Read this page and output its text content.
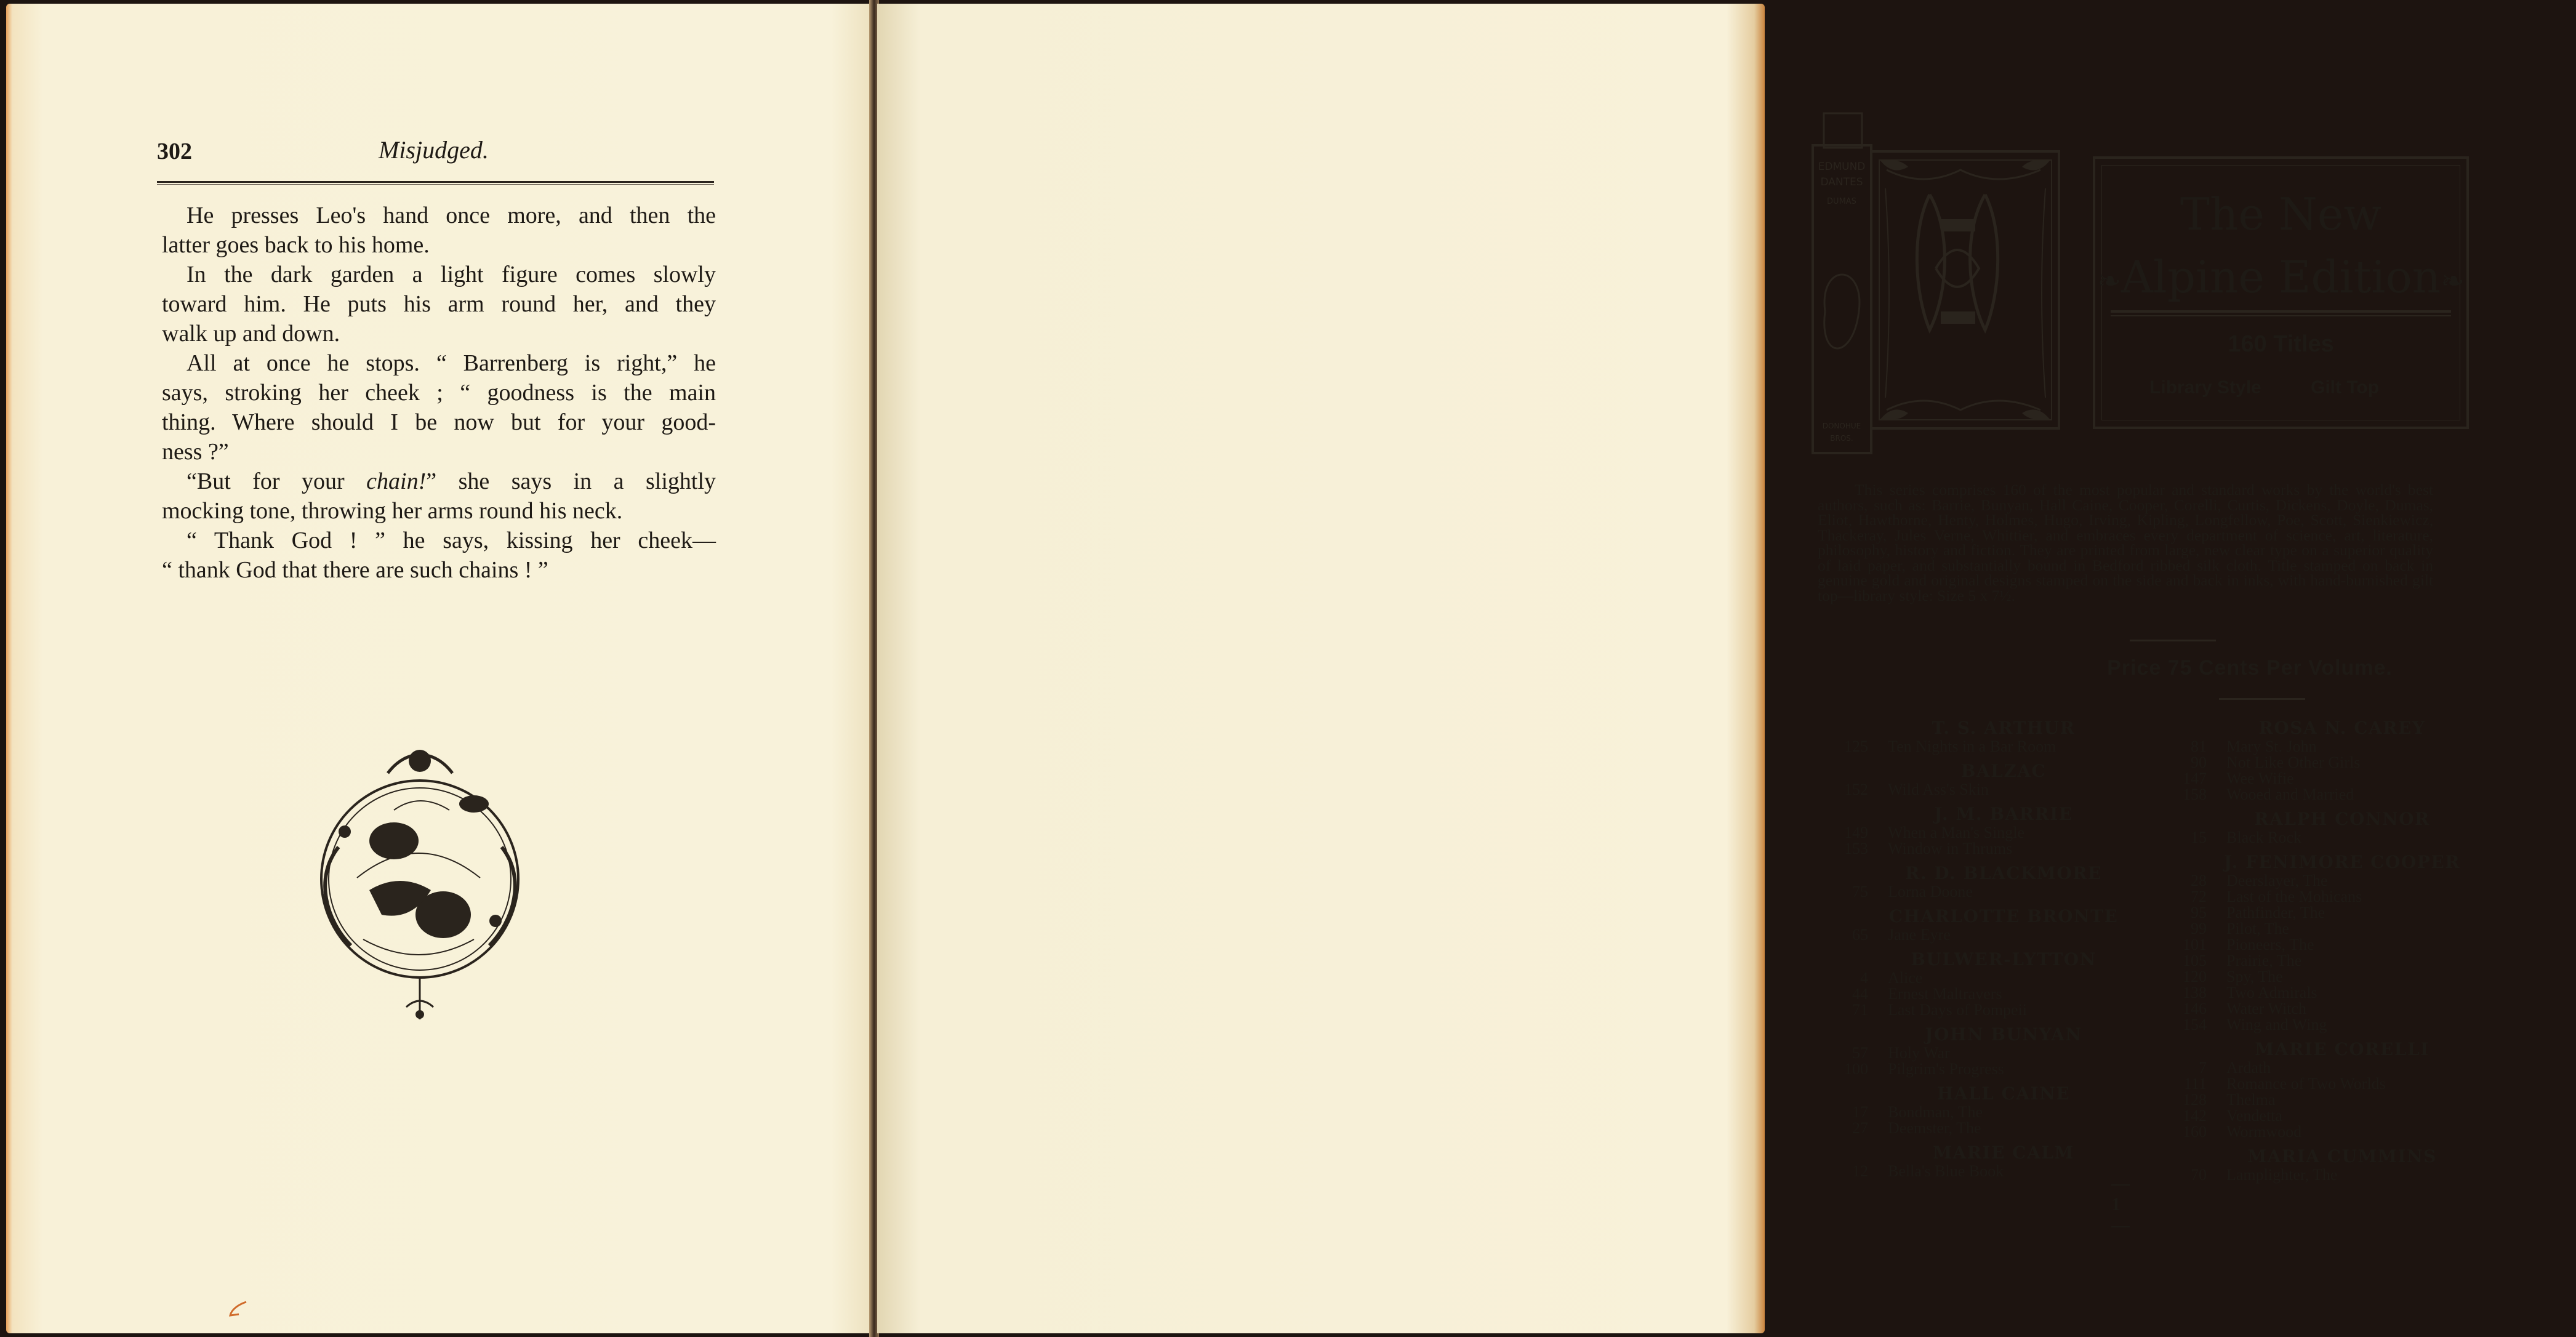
302	Misjudged.
He presses Leo's hand once more, and then the
latter goes back to his home.
In the dark garden a light figure comes slowly
toward him. He puts his arm round her, and they
walk up and down.
All at once he stops. “ Barrenberg is right,” he
says, stroking her cheek ; “ goodness is the main
thing. Where should I be now but for your good-
ness ?”
“But for your chain!” she says in a slightly
mocking tone, throwing her arms round his neck.
“ Thank God ! ” he says, kissing her cheek—
“ thank God that there are such chains ! ”
EDMUND
DANTES
DUMAS
DONOHUE
BROS.
The New
❧Alpine Edition❧
160 Titles
Library Style	Gilt Top
This series comprises 160 of the most popular and standard works by the world's best authors, such as: Barrie, Bunyan, Hall Caine, Cooper, Corelli, Curtis, Dickens, Doyle, Dumas, Eliot, Hawthorne, Henty, Holmes, Hugo, Irving, Kipling, Longfellow, Poe, Scott, Sienkiewicz, Thackeray, Jules Verne, Whittier, and embraces every department of science, art, literature, philosophy, history and fiction. They are printed from large, new clear type on a superior quality of laid paper, and substantially bound in Bedford ribbed silk cloth. Title stamped on back in genuine gold and original designs stamped on the side and back in inks, with hand-burnished gilt top—library style: Size 5 x 7½.
Price 75 Cents Per Volume.
T. S. ARTHUR
125 Ten Nights in a Bar Room
BALZAC
152 Wild Ass's Skin
J. M. BARRIE
149 When a Man's Single
153 Window in Thrums
R. D. BLACKMORE
75 Lorna Doone
CHARLOTTE BRONTE
65 Jane Eyre
BULWER-LYTTON
4 Alice
44 Ernest Maltravers
71 Last Days of Pompeii
JOHN BUNYAN
57 Holy War
100 Pilgrim's Progress
HALL CAINE
17 Bondman, The
27 Deemster, The
MARIE CALM
12 Bella's Blue Book
ROSA N. CAREY
81 Mary St. John
90 Not Like Other Girls
147 Wee Wifie
158 Wooed and Married
RALPH CONNOR
15 Black Rock
J. FENIMORE COOPER
28 Deerslayer, The
72 Last of the Mohicans
95 Pathfinder, The
99 Pilot, The
101 Pioneers, The
105 Prairie, The
120 Spy, The
138 Two Admirals
146 Water Witch
154 Wing and Wing
MARIE CORELLI
7 Ardath
111 Romance of Two Worlds
128 Thelma
142 Vendetta
160 Wormwood
MARIA CUMMINS
70 Lamplighter, The
—1—
